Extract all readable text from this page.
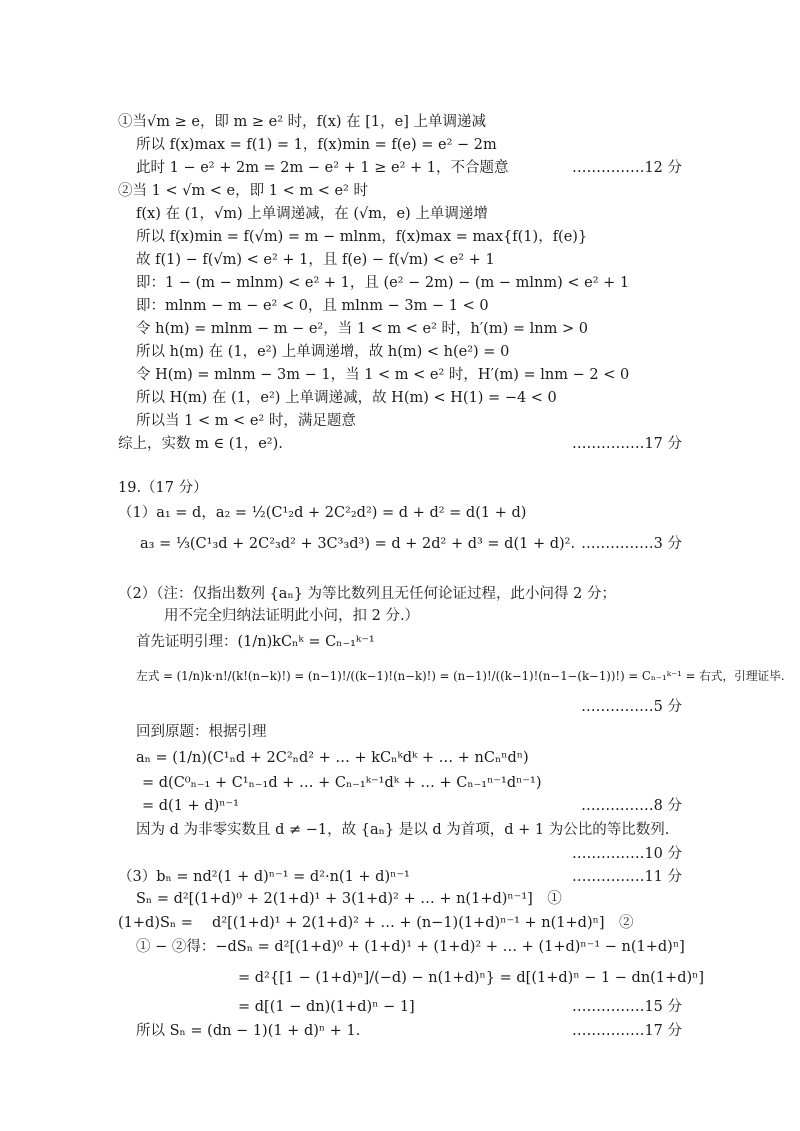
①当√m ≥ e，即 m ≥ e² 时，f(x) 在 [1，e] 上单调递减
所以 f(x)max = f(1) = 1，f(x)min = f(e) = e² − 2m
此时 1 − e² + 2m = 2m − e² + 1 ≥ e² + 1，不合题意	……………12 分
②当 1 < √m < e，即 1 < m < e² 时
f(x) 在 (1，√m) 上单调递减，在 (√m，e) 上单调递增
所以 f(x)min = f(√m) = m − mlnm，f(x)max = max{f(1)，f(e)}
故 f(1) − f(√m) < e² + 1，且 f(e) − f(√m) < e² + 1
即：1 − (m − mlnm) < e² + 1，且 (e² − 2m) − (m − mlnm) < e² + 1
即：mlnm − m − e² < 0，且 mlnm − 3m − 1 < 0
令 h(m) = mlnm − m − e²，当 1 < m < e² 时，h′(m) = lnm > 0
所以 h(m) 在 (1，e²) 上单调递增，故 h(m) < h(e²) = 0
令 H(m) = mlnm − 3m − 1，当 1 < m < e² 时，H′(m) = lnm − 2 < 0
所以 H(m) 在 (1，e²) 上单调递减，故 H(m) < H(1) = −4 < 0
所以当 1 < m < e² 时，满足题意
综上，实数 m ∈ (1，e²).	……………17 分
19.（17 分）
（1）a₁ = d，a₂ = ½(C¹₂d + 2C²₂d²) = d + d² = d(1 + d)
a₃ = ⅓(C¹₃d + 2C²₃d² + 3C³₃d³) = d + 2d² + d³ = d(1 + d)². ……………3 分
（2）（注：仅指出数列 {aₙ} 为等比数列且无任何论证过程，此小问得 2 分；
用不完全归纳法证明此小问，扣 2 分.）
首先证明引理：(1/n)kCₙᵏ = Cₙ₋₁ᵏ⁻¹
左式 = (1/n)k·n!/(k!(n−k)!) = (n−1)!/((k−1)!(n−k)!) = (n−1)!/((k−1)!(n−1−(k−1))!) = Cₙ₋₁ᵏ⁻¹ = 右式，引理证毕.
……………5 分
回到原题：根据引理
aₙ = (1/n)(C¹ₙd + 2C²ₙd² + … + kCₙᵏdᵏ + … + nCₙⁿdⁿ)
= d(C⁰ₙ₋₁ + C¹ₙ₋₁d + … + Cₙ₋₁ᵏ⁻¹dᵏ + … + Cₙ₋₁ⁿ⁻¹dⁿ⁻¹)
= d(1 + d)ⁿ⁻¹	……………8 分
因为 d 为非零实数且 d ≠ −1，故 {aₙ} 是以 d 为首项，d + 1 为公比的等比数列.
……………10 分
（3）bₙ = nd²(1 + d)ⁿ⁻¹ = d²·n(1 + d)ⁿ⁻¹	……………11 分
Sₙ = d²[(1+d)⁰ + 2(1+d)¹ + 3(1+d)² + … + n(1+d)ⁿ⁻¹]　①
(1+d)Sₙ = 　d²[(1+d)¹ + 2(1+d)² + … + (n−1)(1+d)ⁿ⁻¹ + n(1+d)ⁿ]　②
① − ②得：−dSₙ = d²[(1+d)⁰ + (1+d)¹ + (1+d)² + … + (1+d)ⁿ⁻¹ − n(1+d)ⁿ]
= d²{[1 − (1+d)ⁿ]/(−d) − n(1+d)ⁿ} = d[(1+d)ⁿ − 1 − dn(1+d)ⁿ]
= d[(1 − dn)(1+d)ⁿ − 1]	……………15 分
所以 Sₙ = (dn − 1)(1 + d)ⁿ + 1.	……………17 分
